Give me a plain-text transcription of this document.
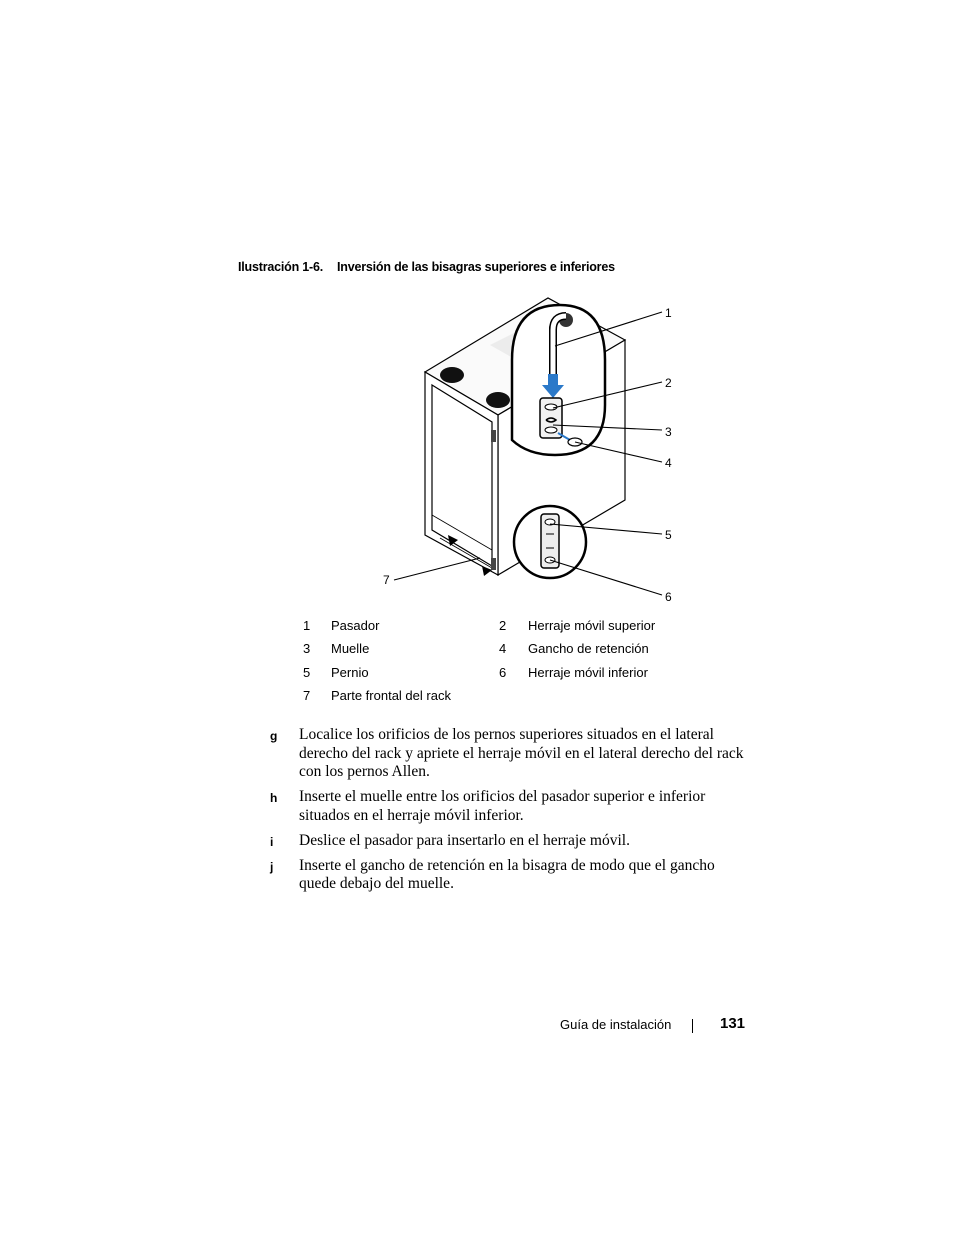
Ilustración 1-6. Inversión de las bisagras superiores e inferiores
1
2
3
4
5
6
7
1	Pasador	2	Herraje móvil superior
3	Muelle	4	Gancho de retención
5	Pernio	6	Herraje móvil inferior
7	Parte frontal del rack
g Localice los orificios de los pernos superiores situados en el lateral derecho del rack y apriete el herraje móvil en el lateral derecho del rack con los pernos Allen.
h Inserte el muelle entre los orificios del pasador superior e inferior situados en el herraje móvil inferior.
i Deslice el pasador para insertarlo en el herraje móvil.
j Inserte el gancho de retención en la bisagra de modo que el gancho quede debajo del muelle.
Guía de instalación	131
